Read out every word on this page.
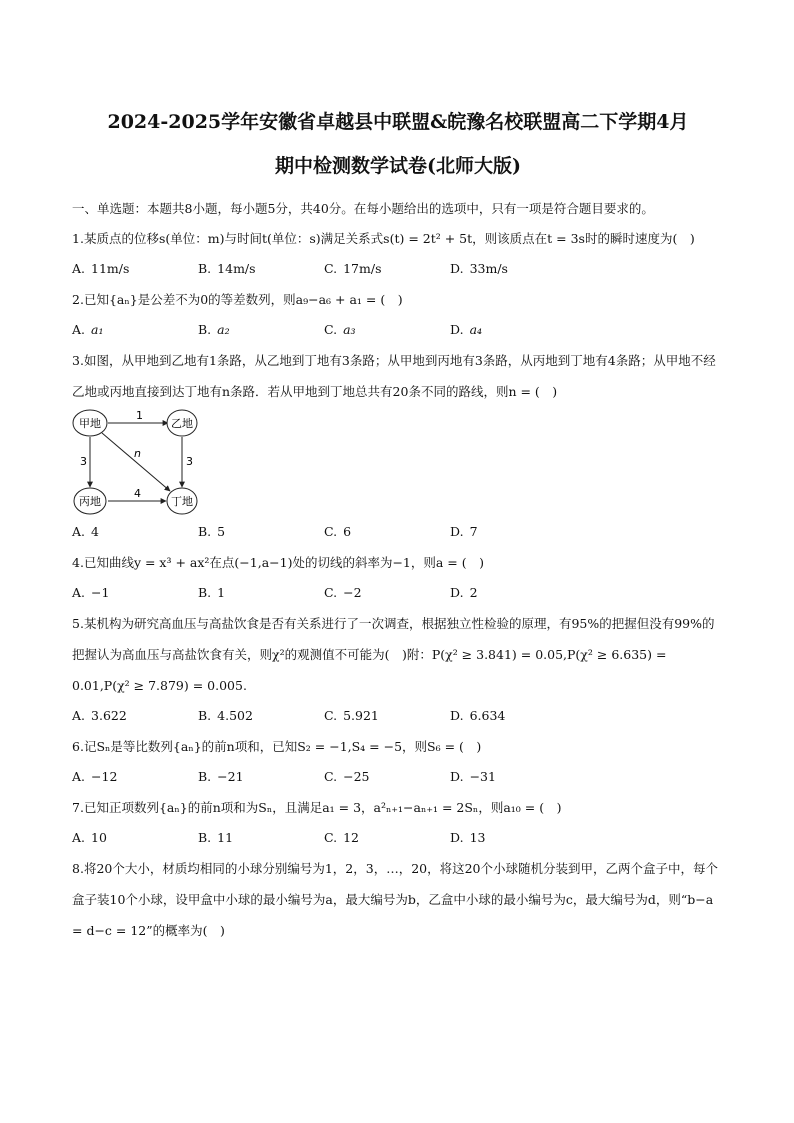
2024-2025学年安徽省卓越县中联盟&皖豫名校联盟高二下学期4月
期中检测数学试卷(北师大版)
一、单选题：本题共8小题，每小题5分，共40分。在每小题给出的选项中，只有一项是符合题目要求的。
1.某质点的位移s(单位：m)与时间t(单位：s)满足关系式s(t) = 2t² + 5t，则该质点在t = 3s时的瞬时速度为(　)
A. 11m/s	B. 14m/s	C. 17m/s	D. 33m/s
2.已知{aₙ}是公差不为0的等差数列，则a₉−a₆ + a₁ = (　)
A. a₁	B. a₂	C. a₃	D. a₄
3.如图，从甲地到乙地有1条路，从乙地到丁地有3条路；从甲地到丙地有3条路，从丙地到丁地有4条路；从甲地不经乙地或丙地直接到达丁地有n条路．若从甲地到丁地总共有20条不同的路线，则n = (　)
1
3
3
4
n
甲地	乙地
丙地	丁地
A. 4	B. 5	C. 6	D. 7
4.已知曲线y = x³ + ax²在点(−1,a−1)处的切线的斜率为−1，则a = (　)
A. −1	B. 1	C. −2	D. 2
5.某机构为研究高血压与高盐饮食是否有关系进行了一次调查，根据独立性检验的原理，有95%的把握但没有99%的把握认为高血压与高盐饮食有关，则χ²的观测值不可能为(　)附：P(χ² ≥ 3.841) = 0.05,P(χ² ≥ 6.635) = 0.01,P(χ² ≥ 7.879) = 0.005.
A. 3.622	B. 4.502	C. 5.921	D. 6.634
6.记Sₙ是等比数列{aₙ}的前n项和，已知S₂ = −1,S₄ = −5，则S₆ = (　)
A. −12	B. −21	C. −25	D. −31
7.已知正项数列{aₙ}的前n项和为Sₙ，且满足a₁ = 3，a²ₙ₊₁−aₙ₊₁ = 2Sₙ，则a₁₀ = (　)
A. 10	B. 11	C. 12	D. 13
8.将20个大小，材质均相同的小球分别编号为1，2，3，…，20，将这20个小球随机分装到甲，乙两个盒子中，每个盒子装10个小球，设甲盒中小球的最小编号为a，最大编号为b，乙盒中小球的最小编号为c，最大编号为d，则“b−a = d−c = 12”的概率为(　)
